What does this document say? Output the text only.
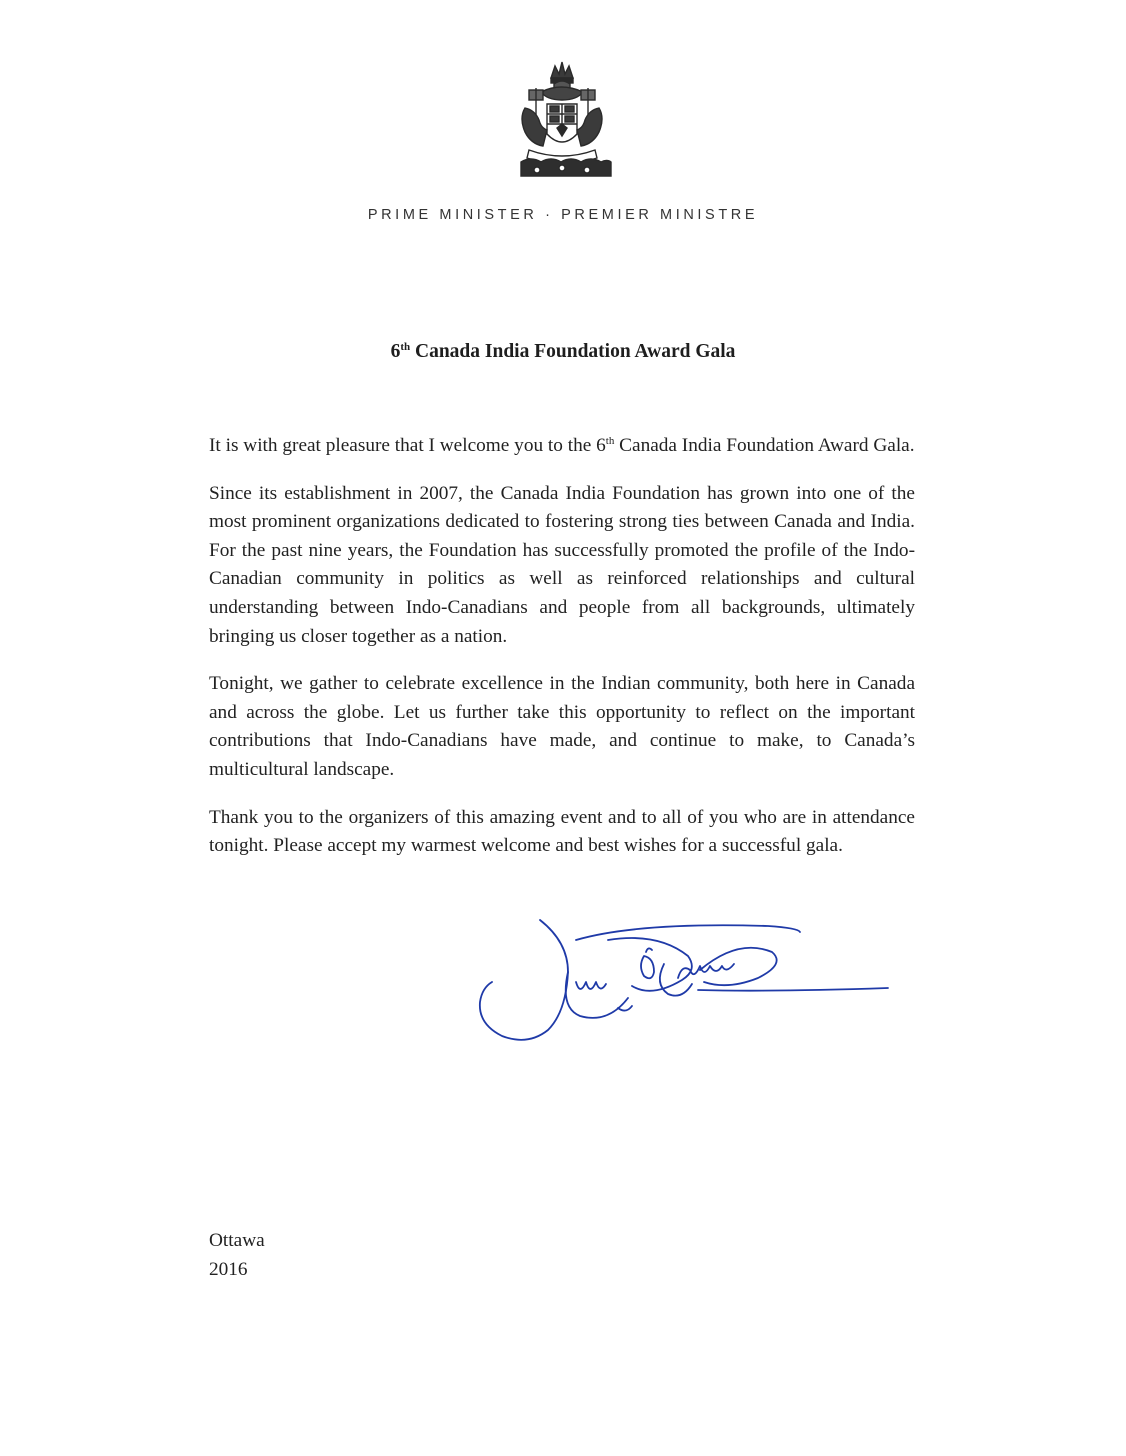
PRIME MINISTER · PREMIER MINISTRE
6th Canada India Foundation Award Gala

It is with great pleasure that I welcome you to the 6th Canada India Foundation Award Gala.

Since its establishment in 2007, the Canada India Foundation has grown into one of the most prominent organizations dedicated to fostering strong ties between Canada and India. For the past nine years, the Foundation has successfully promoted the profile of the Indo-Canadian community in politics as well as reinforced relationships and cultural understanding between Indo-Canadians and people from all backgrounds, ultimately bringing us closer together as a nation.

Tonight, we gather to celebrate excellence in the Indian community, both here in Canada and across the globe. Let us further take this opportunity to reflect on the important contributions that Indo-Canadians have made, and continue to make, to Canada’s multicultural landscape.

Thank you to the organizers of this amazing event and to all of you who are in attendance tonight. Please accept my warmest welcome and best wishes for a successful gala.

Ottawa
2016
